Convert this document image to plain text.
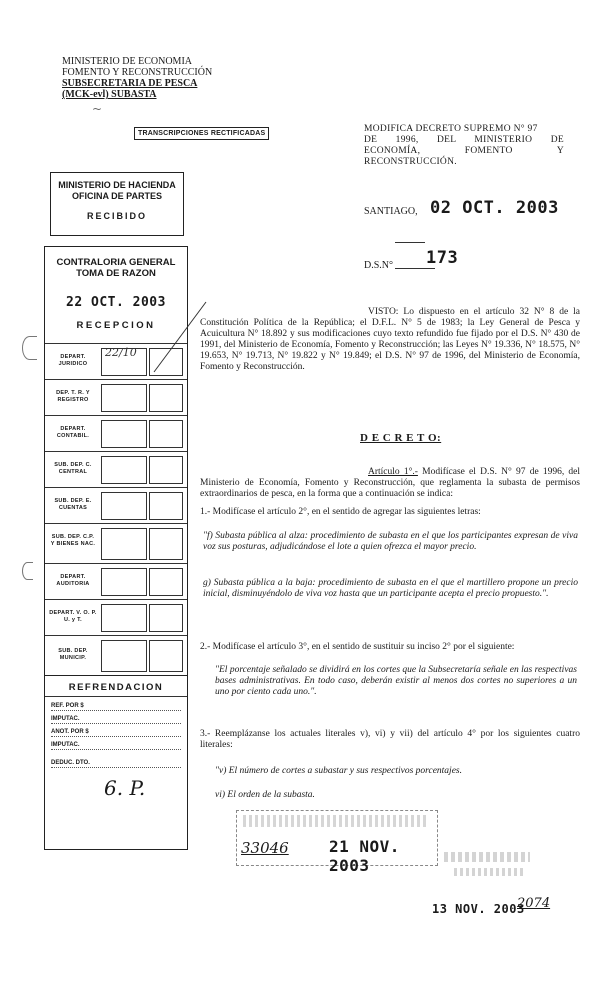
MINISTERIO DE ECONOMIA
FOMENTO Y RECONSTRUCCIÓN
SUBSECRETARIA DE PESCA
(MCK-evl) SUBASTA
~
TRANSCRIPCIONES RECTIFICADAS	MODIFICA DECRETO SUPREMO N° 97
DE 1996, DEL MINISTERIO DE
ECONOMÍA, FOMENTO Y
RECONSTRUCCIÓN.
SANTIAGO, 02 OCT. 2003
D.S.N° 173
MINISTERIO DE HACIENDA
OFICINA DE PARTES
RECIBIDO
CONTRALORIA GENERAL
TOMA DE RAZON
22 OCT. 2003
RECEPCION
DEPART. JURIDICO
22/10
DEP. T. R. Y REGISTRO
DEPART. CONTABIL.
SUB. DEP. C. CENTRAL
SUB. DEP. E. CUENTAS
SUB. DEP. C.P. Y BIENES NAC.
DEPART. AUDITORIA
DEPART. V. O. P. U. y T.
SUB. DEP. MUNICIP.
REFRENDACION
REF. POR $
IMPUTAC.
ANOT. POR $
IMPUTAC.
DEDUC. DTO.
6. P.
VISTO: Lo dispuesto en el artículo 32 N° 8 de la Constitución Política de la República; el D.F.L. N° 5 de 1983; la Ley General de Pesca y Acuicultura N° 18.892 y sus modificaciones cuyo texto refundido fue fijado por el D.S. N° 430 de 1991, del Ministerio de Economía, Fomento y Reconstrucción; las Leyes N° 19.336, N° 18.575, N° 19.653, N° 19.713, N° 19.822 y N° 19.849; el D.S. N° 97 de 1996, del Ministerio de Economía, Fomento y Reconstrucción.
D E C R E T O:
Artículo 1°.- Modifícase el D.S. N° 97 de 1996, del Ministerio de Economía, Fomento y Reconstrucción, que reglamenta la subasta de permisos extraordinarios de pesca, en la forma que a continuación se indica:
1.- Modifícase el artículo 2°, en el sentido de agregar las siguientes letras:
"f) Subasta pública al alza: procedimiento de subasta en el que los participantes expresan de viva voz sus posturas, adjudicándose el lote a quien ofrezca el mayor precio.
g) Subasta pública a la baja: procedimiento de subasta en el que el martillero propone un precio inicial, disminuyéndolo de viva voz hasta que un participante acepta el precio propuesto.".
2.- Modifícase el artículo 3°, en el sentido de sustituir su inciso 2° por el siguiente:
"El porcentaje señalado se dividirá en los cortes que la Subsecretaría señale en las respectivas bases administrativas. En todo caso, deberán existir al menos dos cortes no superiores a un uno por ciento cada uno.".
3.- Reemplázanse los actuales literales v), vi) y vii) del artículo 4° por los siguientes cuatro literales:
"v) El número de cortes a subastar y sus respectivos porcentajes.
vi) El orden de la subasta.
33046	21 NOV. 2003
13 NOV. 2003
2074
